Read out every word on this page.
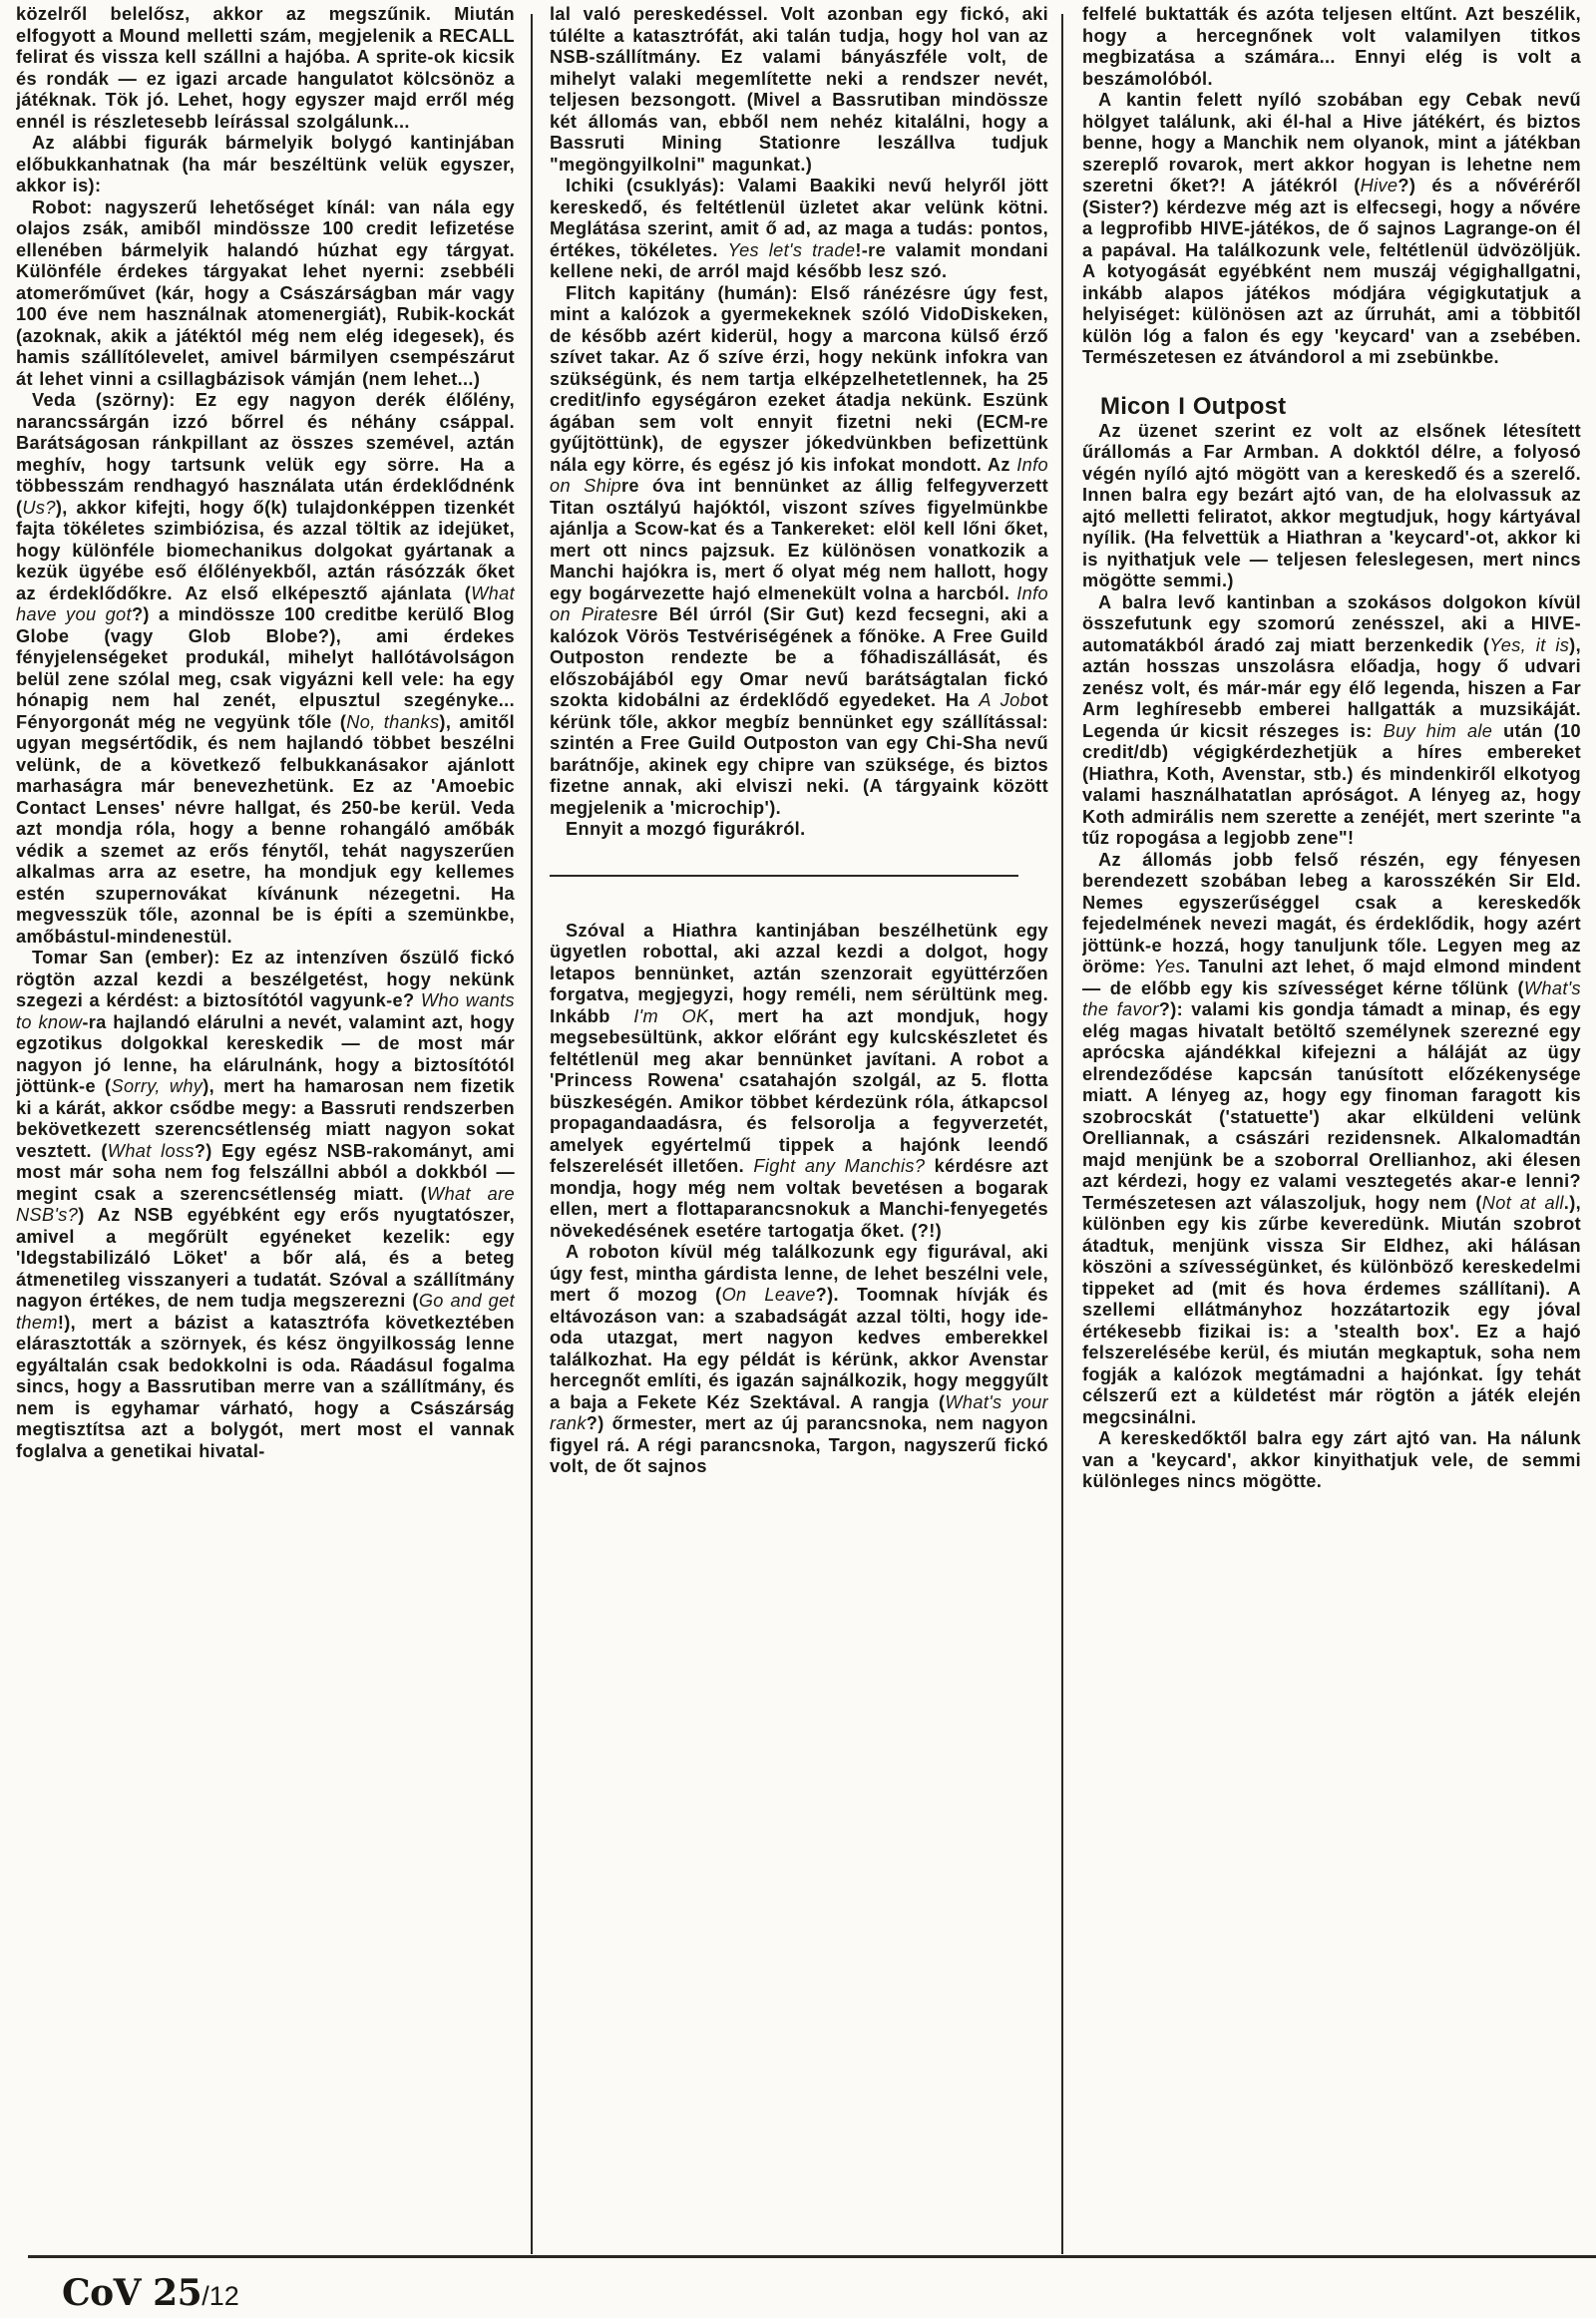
közelről belelősz, akkor az megszűnik. Miután elfogyott a Mound melletti szám, megjelenik a RECALL felirat és vissza kell szállni a hajóba. A sprite-ok kicsik és rondák — ez igazi arcade hangulatot kölcsönöz a játéknak. Tök jó. Lehet, hogy egyszer majd erről még ennél is részletesebb leírással szolgálunk...

Az alábbi figurák bármelyik bolygó kantinjában előbukkanhatnak (ha már beszéltünk velük egyszer, akkor is):

Robot: nagyszerű lehetőséget kínál: van nála egy olajos zsák, amiből mindössze 100 credit lefizetése ellenében bármelyik halandó húzhat egy tárgyat. Különféle érdekes tárgyakat lehet nyerni: zsebbéli atomerőművet (kár, hogy a Császárságban már vagy 100 éve nem használnak atomenergiát), Rubik-kockát (azoknak, akik a játéktól még nem elég idegesek), és hamis szállítólevelet, amivel bármilyen csempészárut át lehet vinni a csillagbázisok vámján (nem lehet...)

Veda (szörny): Ez egy nagyon derék élőlény, narancssárgán izzó bőrrel és néhány csáppal. Barátságosan ránkpillant az összes szemével, aztán meghív, hogy tartsunk velük egy sörre. Ha a többesszám rendhagyó használata után érdeklődnénk (Us?), akkor kifejti, hogy ő(k) tulajdonképpen tizenkét fajta tökéletes szimbiózisa, és azzal töltik az idejüket, hogy különféle biomechanikus dolgokat gyártanak a kezük ügyébe eső élőlényekből, aztán rásózzák őket az érdeklődőkre. Az első elképesztő ajánlata (What have you got?) a mindössze 100 creditbe kerülő Blog Globe (vagy Glob Blobe?), ami érdekes fényjelenségeket produkál, mihelyt hallótávolságon belül zene szólal meg, csak vigyázni kell vele: ha egy hónapig nem hal zenét, elpusztul szegényke... Fényorgonát még ne vegyünk tőle (No, thanks), amitől ugyan megsértődik, és nem hajlandó többet beszélni velünk, de a következő felbukkanásakor ajánlott marhaságra már benevezhetünk. Ez az 'Amoebic Contact Lenses' névre hallgat, és 250-be kerül. Veda azt mondja róla, hogy a benne rohangáló amőbák védik a szemet az erős fénytől, tehát nagyszerűen alkalmas arra az esetre, ha mondjuk egy kellemes estén szupernovákat kívánunk nézegetni. Ha megvesszük tőle, azonnal be is építi a szemünkbe, amőbástul-mindenestül.

Tomar San (ember): Ez az intenzíven őszülő fickó rögtön azzal kezdi a beszélgetést, hogy nekünk szegezi a kérdést: a biztosítótól vagyunk-e? Who wants to know-ra hajlandó elárulni a nevét, valamint azt, hogy egzotikus dolgokkal kereskedik — de most már nagyon jó lenne, ha elárulnánk, hogy a biztosítótól jöttünk-e (Sorry, why), mert ha hamarosan nem fizetik ki a kárát, akkor csődbe megy: a Bassruti rendszerben bekövetkezett szerencsétlenség miatt nagyon sokat vesztett. (What loss?) Egy egész NSB-rakományt, ami most már soha nem fog felszállni abból a dokkból — megint csak a szerencsétlenség miatt. (What are NSB's?) Az NSB egyébként egy erős nyugtatószer, amivel a megőrült egyéneket kezelik: egy 'Idegstabilizáló Löket' a bőr alá, és a beteg átmenetileg visszanyeri a tudatát. Szóval a szállítmány nagyon értékes, de nem tudja megszerezni (Go and get them!), mert a bázist a katasztrófa következtében elárasztották a szörnyek, és kész öngyilkosság lenne egyáltalán csak bedokkolni is oda. Ráadásul fogalma sincs, hogy a Bassrutiban merre van a szállítmány, és nem is egyhamar várható, hogy a Császárság megtisztítsa azt a bolygót, mert most el vannak foglalva a genetikai hivatal-

lal való pereskedéssel. Volt azonban egy fickó, aki túlélte a katasztrófát, aki talán tudja, hogy hol van az NSB-szállítmány. Ez valami bányászféle volt, de mihelyt valaki megemlítette neki a rendszer nevét, teljesen bezsongott. (Mivel a Bassrutiban mindössze két állomás van, ebből nem nehéz kitalálni, hogy a Bassruti Mining Stationre leszállva tudjuk "megöngyilkolni" magunkat.)

Ichiki (csuklyás): Valami Baakiki nevű helyről jött kereskedő, és feltétlenül üzletet akar velünk kötni. Meglátása szerint, amit ő ad, az maga a tudás: pontos, értékes, tökéletes. Yes let's trade!-re valamit mondani kellene neki, de arról majd később lesz szó.

Flitch kapitány (humán): Első ránézésre úgy fest, mint a kalózok a gyermekeknek szóló VidoDiskeken, de később azért kiderül, hogy a marcona külső érző szívet takar. Az ő szíve érzi, hogy nekünk infokra van szükségünk, és nem tartja elképzelhetetlennek, ha 25 credit/info egységáron ezeket átadja nekünk. Eszünk ágában sem volt ennyit fizetni neki (ECM-re gyűjtöttünk), de egyszer jókedvünkben befizettünk nála egy körre, és egész jó kis infokat mondott. Az Info on Shipre óva int bennünket az állig felfegyverzett Titan osztályú hajóktól, viszont szíves figyelmünkbe ajánlja a Scow-kat és a Tankereket: elöl kell lőni őket, mert ott nincs pajzsuk. Ez különösen vonatkozik a Manchi hajókra is, mert ő olyat még nem hallott, hogy egy bogárvezette hajó elmenekült volna a harcból. Info on Piratesre Bél úrról (Sir Gut) kezd fecsegni, aki a kalózok Vörös Testvériségének a főnöke. A Free Guild Outposton rendezte be a főhadiszállását, és előszobájából egy Omar nevű barátságtalan fickó szokta kidobálni az érdeklődő egyedeket. Ha A Jobot kérünk tőle, akkor megbíz bennünket egy szállítással: szintén a Free Guild Outposton van egy Chi-Sha nevű barátnője, akinek egy chipre van szüksége, és biztos fizetne annak, aki elviszi neki. (A tárgyaink között megjelenik a 'microchip').

Ennyit a mozgó figurákról.

Szóval a Hiathra kantinjában beszélhetünk egy ügyetlen robottal, aki azzal kezdi a dolgot, hogy letapos bennünket, aztán szenzorait együttérzően forgatva, megjegyzi, hogy reméli, nem sérültünk meg. Inkább I'm OK, mert ha azt mondjuk, hogy megsebesültünk, akkor előránt egy kulcskészletet és feltétlenül meg akar bennünket javítani. A robot a 'Princess Rowena' csatahajón szolgál, az 5. flotta büszkeségén. Amikor többet kérdezünk róla, átkapcsol propagandaadásra, és felsorolja a fegyverzetét, amelyek egyértelmű tippek a hajónk leendő felszerelését illetően. Fight any Manchis? kérdésre azt mondja, hogy még nem voltak bevetésen a bogarak ellen, mert a flottaparancsnokuk a Manchi-fenyegetés növekedésének esetére tartogatja őket. (?!)

A roboton kívül még találkozunk egy figurával, aki úgy fest, mintha gárdista lenne, de lehet beszélni vele, mert ő mozog (On Leave?). Toomnak hívják és eltávozáson van: a szabadságát azzal tölti, hogy ide-oda utazgat, mert nagyon kedves emberekkel találkozhat. Ha egy példát is kérünk, akkor Avenstar hercegnőt említi, és igazán sajnálkozik, hogy meggyűlt a baja a Fekete Kéz Szektával. A rangja (What's your rank?) őrmester, mert az új parancsnoka, nem nagyon figyel rá. A régi parancsnoka, Targon, nagyszerű fickó volt, de őt sajnos

felfelé buktatták és azóta teljesen eltűnt. Azt beszélik, hogy a hercegnőnek volt valamilyen titkos megbizatása a számára... Ennyi elég is volt a beszámolóból.

A kantin felett nyíló szobában egy Cebak nevű hölgyet találunk, aki él-hal a Hive játékért, és biztos benne, hogy a Manchik nem olyanok, mint a játékban szereplő rovarok, mert akkor hogyan is lehetne nem szeretni őket?! A játékról (Hive?) és a nővéréről (Sister?) kérdezve még azt is elfecsegi, hogy a nővére a legprofibb HIVE-játékos, de ő sajnos Lagrange-on él a papával. Ha találkozunk vele, feltétlenül üdvözöljük. A kotyogását egyébként nem muszáj végighallgatni, inkább alapos játékos módjára végigkutatjuk a helyiséget: különösen azt az űrruhát, ami a többitől külön lóg a falon és egy 'keycard' van a zsebében. Természetesen ez átvándorol a mi zsebünkbe.

Micon I Outpost

Az üzenet szerint ez volt az elsőnek létesített űrállomás a Far Armban. A dokktól délre, a folyosó végén nyíló ajtó mögött van a kereskedő és a szerelő. Innen balra egy bezárt ajtó van, de ha elolvassuk az ajtó melletti feliratot, akkor megtudjuk, hogy kártyával nyílik. (Ha felvettük a Hiathran a 'keycard'-ot, akkor ki is nyithatjuk vele — teljesen feleslegesen, mert nincs mögötte semmi.)

A balra levő kantinban a szokásos dolgokon kívül összefutunk egy szomorú zenésszel, aki a HIVE-automatákból áradó zaj miatt berzenkedik (Yes, it is), aztán hosszas unszolásra előadja, hogy ő udvari zenész volt, és már-már egy élő legenda, hiszen a Far Arm leghíresebb emberei hallgatták a muzsikáját. Legenda úr kicsit részeges is: Buy him ale után (10 credit/db) végigkérdezhetjük a híres embereket (Hiathra, Koth, Avenstar, stb.) és mindenkiről elkotyog valami használhatatlan apróságot. A lényeg az, hogy Koth admirális nem szerette a zenéjét, mert szerinte "a tűz ropogása a legjobb zene"!

Az állomás jobb felső részén, egy fényesen berendezett szobában lebeg a karosszékén Sir Eld. Nemes egyszerűséggel csak a kereskedők fejedelmének nevezi magát, és érdeklődik, hogy azért jöttünk-e hozzá, hogy tanuljunk tőle. Legyen meg az öröme: Yes. Tanulni azt lehet, ő majd elmond mindent — de előbb egy kis szívességet kérne tőlünk (What's the favor?): valami kis gondja támadt a minap, és egy elég magas hivatalt betöltő személynek szerezné egy aprócska ajándékkal kifejezni a háláját az ügy elrendeződése kapcsán tanúsított előzékenysége miatt. A lényeg az, hogy egy finoman faragott kis szobrocskát ('statuette') akar elküldeni velünk Orelliannak, a császári rezidensnek. Alkalomadtán majd menjünk be a szoborral Orellianhoz, aki élesen azt kérdezi, hogy ez valami vesztegetés akar-e lenni? Természetesen azt válaszoljuk, hogy nem (Not at all.), különben egy kis zűrbe keveredünk. Miután szobrot átadtuk, menjünk vissza Sir Eldhez, aki hálásan köszöni a szívességünket, és különböző kereskedelmi tippeket ad (mit és hova érdemes szállítani). A szellemi ellátmányhoz hozzátartozik egy jóval értékesebb fizikai is: a 'stealth box'. Ez a hajó felszerelésébe kerül, és miután megkaptuk, soha nem fogják a kalózok megtámadni a hajónkat. Így tehát célszerű ezt a küldetést már rögtön a játék elején megcsinálni.

A kereskedőktől balra egy zárt ajtó van. Ha nálunk van a 'keycard', akkor kinyithatjuk vele, de semmi különleges nincs mögötte.

CoV 25/12
